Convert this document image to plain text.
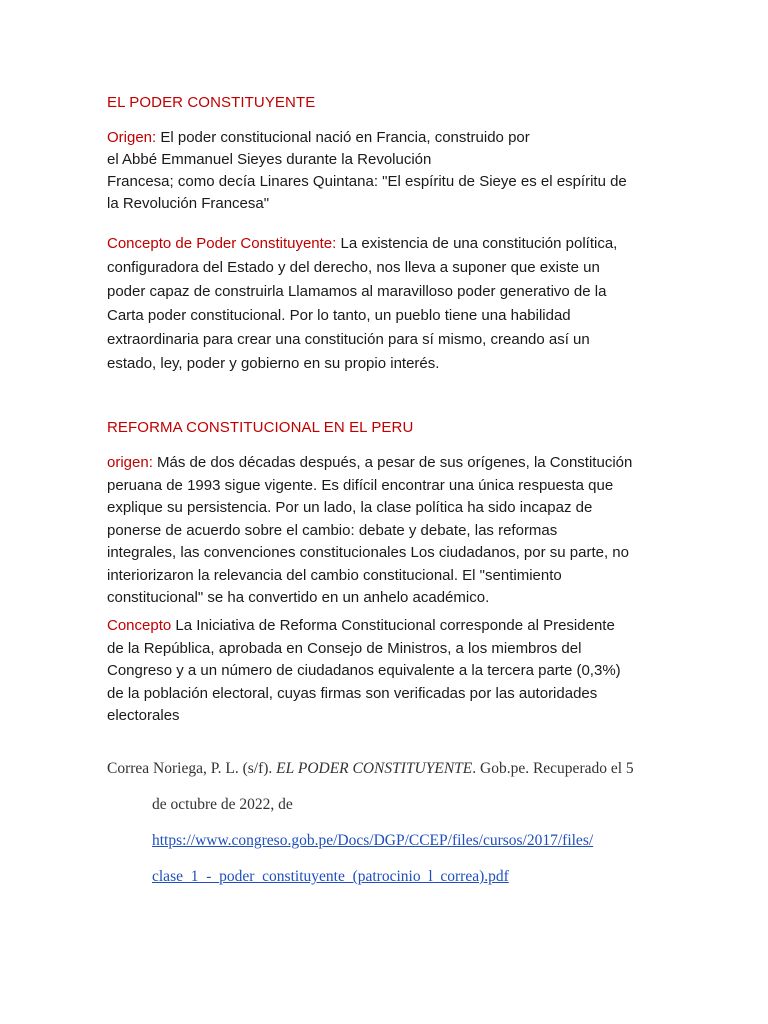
EL PODER CONSTITUYENTE

Origen: El poder constitucional nació en Francia, construido por
el Abbé Emmanuel Sieyes durante la Revolución
Francesa; como decía Linares Quintana: "El espíritu de Sieye es el espíritu de
la Revolución Francesa"

Concepto de Poder Constituyente: La existencia de una constitución política,
configuradora del Estado y del derecho, nos lleva a suponer que existe un
poder capaz de construirla Llamamos al maravilloso poder generativo de la
Carta poder constitucional. Por lo tanto, un pueblo tiene una habilidad
extraordinaria para crear una constitución para sí mismo, creando así un
estado, ley, poder y gobierno en su propio interés.

REFORMA CONSTITUCIONAL EN EL PERU

origen: Más de dos décadas después, a pesar de sus orígenes, la Constitución
peruana de 1993 sigue vigente. Es difícil encontrar una única respuesta que
explique su persistencia. Por un lado, la clase política ha sido incapaz de
ponerse de acuerdo sobre el cambio: debate y debate, las reformas
integrales, las convenciones constitucionales Los ciudadanos, por su parte, no
interiorizaron la relevancia del cambio constitucional. El "sentimiento
constitucional" se ha convertido en un anhelo académico.

Concepto La Iniciativa de Reforma Constitucional corresponde al Presidente
de la República, aprobada en Consejo de Ministros, a los miembros del
Congreso y a un número de ciudadanos equivalente a la tercera parte (0,3%)
de la población electoral, cuyas firmas son verificadas por las autoridades
electorales

Correa Noriega, P. L. (s/f). EL PODER CONSTITUYENTE. Gob.pe. Recuperado el 5
de octubre de 2022, de
https://www.congreso.gob.pe/Docs/DGP/CCEP/files/cursos/2017/files/
clase_1_-_poder_constituyente_(patrocinio_l_correa).pdf
